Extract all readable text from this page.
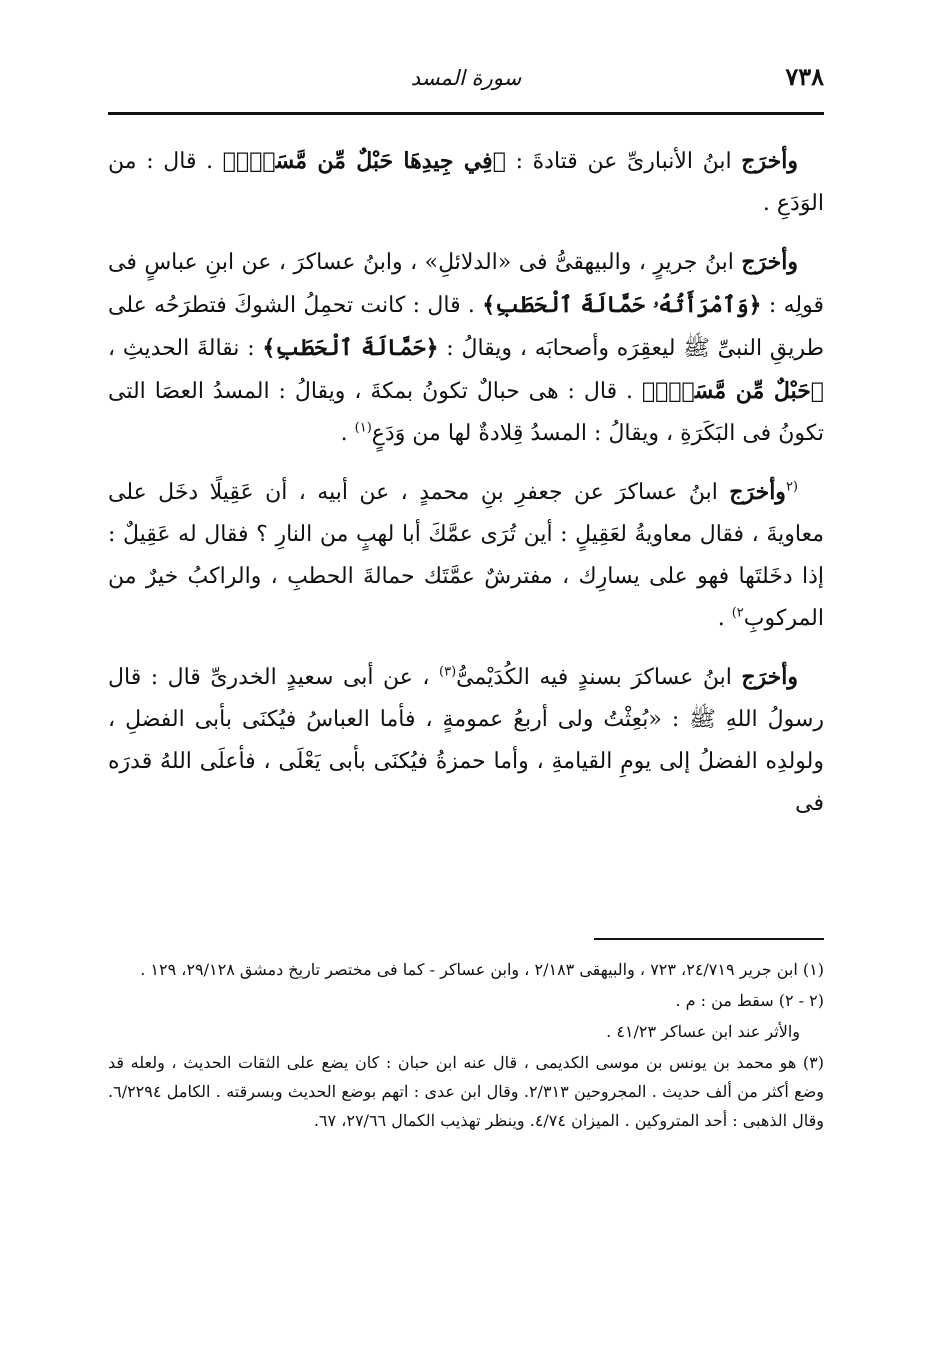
٧٣٨
سورة المسد

وأخرَج ابنُ الأنبارىِّ عن قتادةَ : ﴿فِي جِيدِهَا حَبْلٌ مِّن مَّسَدِۭ﴾ . قال : من الوَدَعِ .

وأخرَج ابنُ جريرٍ ، والبيهقىُّ فى «الدلائلِ» ، وابنُ عساكرَ ، عن ابنِ عباسٍ فى قولِه : ﴿وَٱمْرَأَتُهُۥ حَمَّالَةَ ٱلْحَطَبِ﴾ . قال : كانت تحمِلُ الشوكَ فتطرَحُه على طريقِ النبىِّ ﷺ ليعقِرَه وأصحابَه ، ويقالُ : ﴿حَمَّالَةَ ٱلْحَطَبِ﴾ : نقالةَ الحديثِ ، ﴿حَبْلٌ مِّن مَّسَدِۭ﴾ . قال : هى حبالٌ تكونُ بمكةَ ، ويقالُ : المسدُ العصَا التى تكونُ فى البَكَرَةِ ، ويقالُ : المسدُ قِلادةٌ لها من وَدَعٍ$^{(١)}$ .

$^{(٢}$وأخرَج ابنُ عساكرَ عن جعفرِ بنِ محمدٍ ، عن أبيه ، أن عَقِيلًا دخَل على معاويةَ ، فقال معاويةُ لعَقِيلٍ : أين تُرَى عمَّكَ أبا لهبٍ من النارِ ؟ فقال له عَقِيلٌ : إذا دخَلتَها فهو على يسارِك ، مفترشٌ عمَّتَك حمالةَ الحطبِ ، والراكبُ خيرٌ من المركوبِ$^{٢)}$ .

وأخرَج ابنُ عساكرَ بسندٍ فيه الكُدَيْمىُّ$^{(٣)}$ ، عن أبى سعيدٍ الخدرىِّ قال : قال رسولُ اللهِ ﷺ : «بُعِثْتُ ولى أربعُ عمومةٍ ، فأما العباسُ فيُكنَى بأبى الفضلِ ، ولولدِه الفضلُ إلى يومِ القيامةِ ، وأما حمزةُ فيُكنَى بأبى يَعْلَى ، فأعلَى اللهُ قدرَه فى

(١) ابن جرير ٢٤/٧١٩، ٧٢٣ ، والبيهقى ٢/١٨٣ ، وابن عساكر - كما فى مختصر تاريخ دمشق ٢٩/١٢٨، ١٢٩ .

(٢ - ٢) سقط من : م .

والأثر عند ابن عساكر ٤١/٢٣ .

(٣) هو محمد بن يونس بن موسى الكديمى ، قال عنه ابن حبان : كان يضع على الثقات الحديث ، ولعله قد وضع أكثر من ألف حديث . المجروحين ٢/٣١٣. وقال ابن عدى : اتهم بوضع الحديث وبسرقته . الكامل ٦/٢٢٩٤. وقال الذهبى : أحد المتروكين . الميزان ٤/٧٤. وينظر تهذيب الكمال ٢٧/٦٦، ٦٧.
